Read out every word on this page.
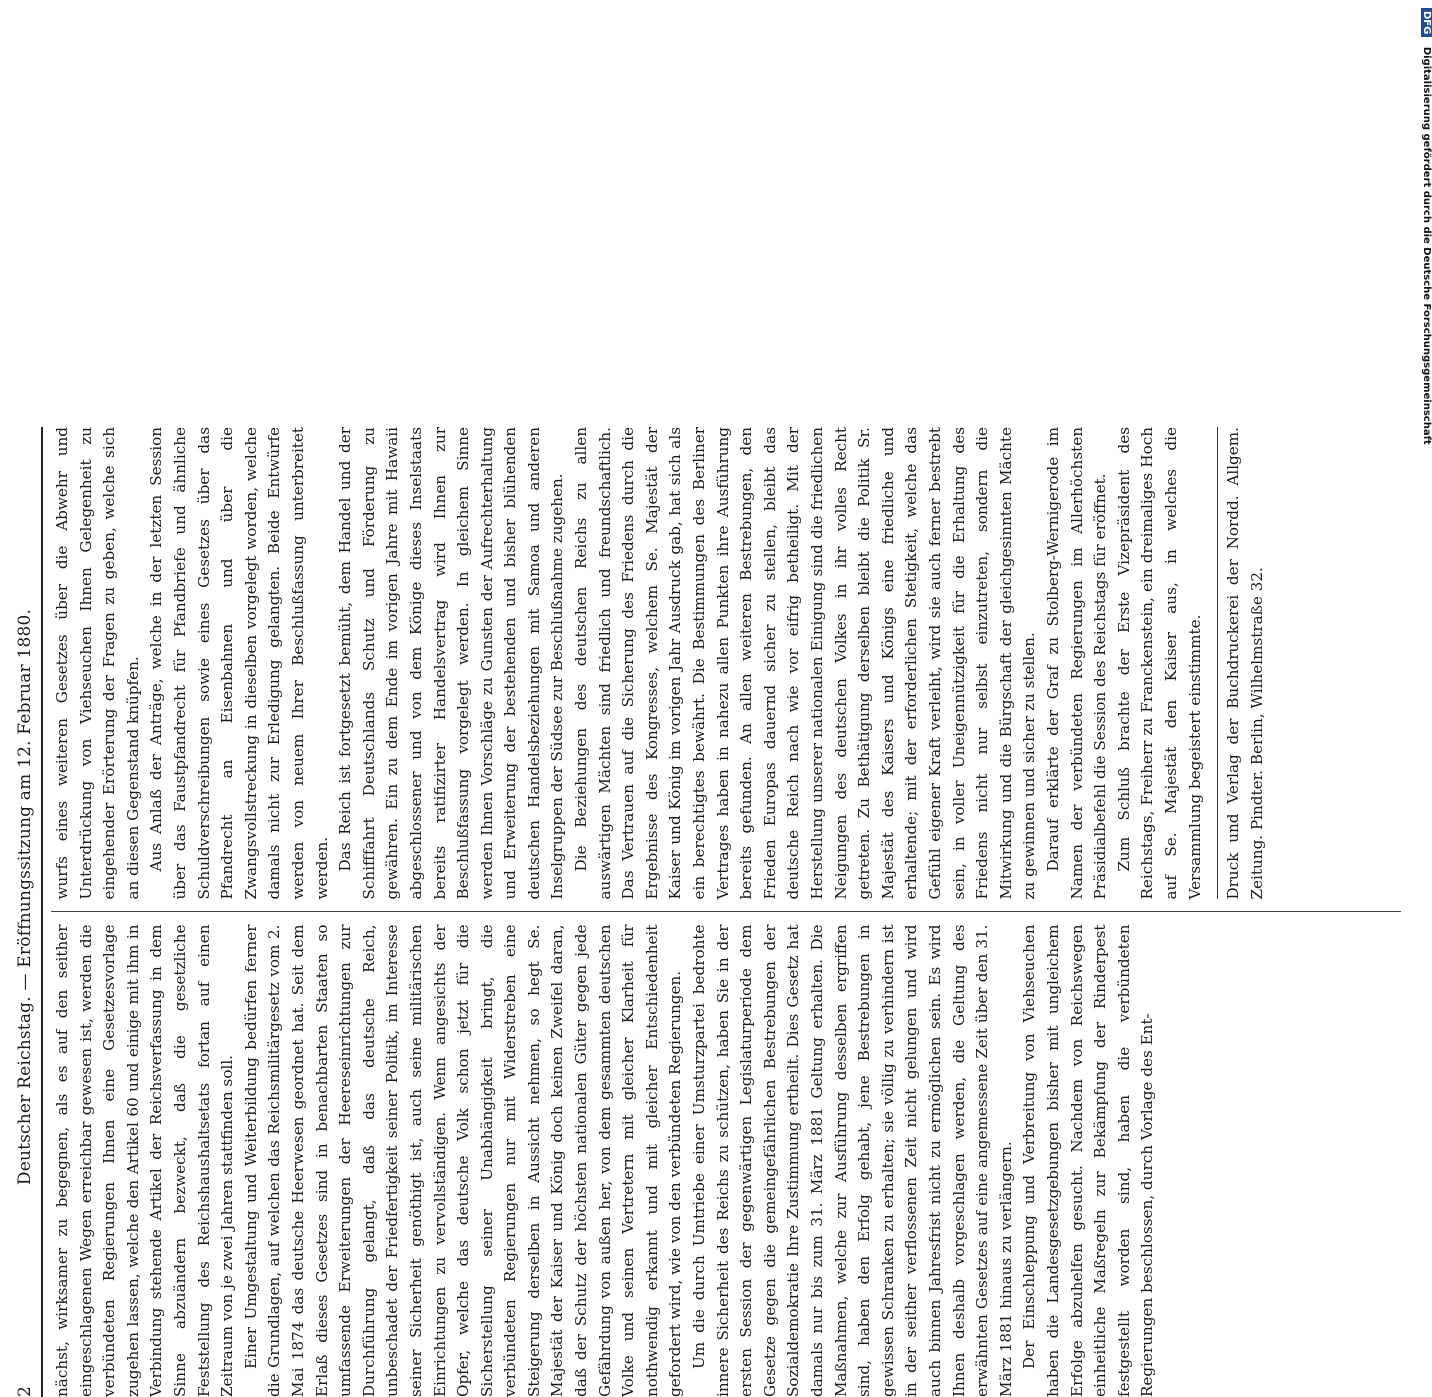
2
Deutscher Reichstag. — Eröffnungssitzung am 12. Februar 1880. nächst, wirksamer zu begegnen, als es auf den seither eingeschlagenen Wegen erreichbar gewesen ist, werden die verbündeten Regierungen Ihnen eine Gesetzesvorlage zugehen lassen, welche den Artikel 60 und einige mit ihm in Verbindung stehende Artikel der Reichsverfassung in dem Sinne abzuändern bezweckt, daß die gesetzliche Feststellung des Reichshaushaltsetats fortan auf einen Zeitraum von je zwei Jahren stattfinden soll. Einer Umgestaltung und Weiterbildung bedürfen ferner die Grundlagen, auf welchen das Reichsmilitärgesetz vom 2. Mai 1874 das deutsche Heerwesen geordnet hat. Seit dem Erlaß dieses Gesetzes sind in benachbarten Staaten so umfassende Erweiterungen der Heereseinrichtungen zur Durchführung gelangt, daß das deutsche Reich, unbeschadet der Friedfertigkeit seiner Politik, im Interesse seiner Sicherheit genöthigt ist, auch seine militärischen Einrichtungen zu vervollständigen. Wenn angesichts der Opfer, welche das deutsche Volk schon jetzt für die Sicherstellung seiner Unabhängigkeit bringt, die verbündeten Regierungen nur mit Widerstreben eine Steigerung derselben in Aussicht nehmen, so hegt Se. Majestät der Kaiser und König doch keinen Zweifel daran, daß der Schutz der höchsten nationalen Güter gegen jede Gefährdung von außen her, von dem gesammten deutschen Volke und seinen Vertretern mit gleicher Klarheit für nothwendig erkannt und mit gleicher Entschiedenheit gefordert wird, wie von den verbündeten Regierungen. Um die durch Umtriebe einer Umsturzpartei bedrohte innere Sicherheit des Reichs zu schützen, haben Sie in der ersten Session der gegenwärtigen Legislaturperiode dem Gesetze gegen die gemeingefährlichen Bestrebungen der Sozialdemokratie Ihre Zustimmung ertheilt. Dies Gesetz hat damals nur bis zum 31. März 1881 Geltung erhalten. Die Maßnahmen, welche zur Ausführung desselben ergriffen sind, haben den Erfolg gehabt, jene Bestrebungen in gewissen Schranken zu erhalten; sie völlig zu verhindern ist in der seither verflossenen Zeit nicht gelungen und wird auch binnen Jahresfrist nicht zu ermöglichen sein. Es wird Ihnen deshalb vorgeschlagen werden, die Geltung des erwähnten Gesetzes auf eine angemessene Zeit über den 31. März 1881 hinaus zu verlängern. Der Einschleppung und Verbreitung von Viehseuchen haben die Landesgesetzgebungen bisher mit ungleichem Erfolge abzuhelfen gesucht. Nachdem von Reichswegen einheitliche Maßregeln zur Bekämpfung der Rinderpest festgestellt worden sind, haben die verbündeten Regierungen beschlossen, durch Vorlage des Ent-

wurfs eines weiteren Gesetzes über die Abwehr und Unterdrückung von Viehseuchen Ihnen Gelegenheit zu eingehender Erörterung der Fragen zu geben, welche sich an diesen Gegenstand knüpfen. Aus Anlaß der Anträge, welche in der letzten Session über das Faustpfandrecht für Pfandbriefe und ähnliche Schuldverschreibungen sowie eines Gesetzes über das Pfandrecht an Eisenbahnen und über die Zwangsvollstreckung in dieselben vorgelegt worden, welche damals nicht zur Erledigung gelangten. Beide Entwürfe werden von neuem Ihrer Beschlußfassung unterbreitet werden. Das Reich ist fortgesetzt bemüht, dem Handel und der Schifffahrt Deutschlands Schutz und Förderung zu gewähren. Ein zu dem Ende im vorigen Jahre mit Hawaii abgeschlossener und von dem Könige dieses Inselstaats bereits ratifizirter Handelsvertrag wird Ihnen zur Beschlußfassung vorgelegt werden. In gleichem Sinne werden Ihnen Vorschläge zu Gunsten der Aufrechterhaltung und Erweiterung der bestehenden und bisher blühenden deutschen Handelsbeziehungen mit Samoa und anderen Inselgruppen der Südsee zur Beschlußnahme zugehen. Die Beziehungen des deutschen Reichs zu allen auswärtigen Mächten sind friedlich und freundschaftlich. Das Vertrauen auf die Sicherung des Friedens durch die Ergebnisse des Kongresses, welchem Se. Majestät der Kaiser und König im vorigen Jahr Ausdruck gab, hat sich als ein berechtigtes bewährt. Die Bestimmungen des Berliner Vertrages haben in nahezu allen Punkten ihre Ausführung bereits gefunden. An allen weiteren Bestrebungen, den Frieden Europas dauernd sicher zu stellen, bleibt das deutsche Reich nach wie vor eifrig betheiligt. Mit der Herstellung unserer nationalen Einigung sind die friedlichen Neigungen des deutschen Volkes in ihr volles Recht getreten. Zu Bethätigung derselben bleibt die Politik Sr. Majestät des Kaisers und Königs eine friedliche und erhaltende; mit der erforderlichen Stetigkeit, welche das Gefühl eigener Kraft verleiht, wird sie auch ferner bestrebt sein, in voller Uneigennützigkeit für die Erhaltung des Friedens nicht nur selbst einzutreten, sondern die Mitwirkung und die Bürgschaft der gleichgesinnten Mächte zu gewinnen und sicher zu stellen. Darauf erklärte der Graf zu Stolberg-Wernigerode im Namen der verbündeten Regierungen im Allerhöchsten Präsidialbefehl die Session des Reichstags für eröffnet. Zum Schluß brachte der Erste Vizepräsident des Reichstags, Freiherr zu Franckenstein, ein dreimaliges Hoch auf Se. Majestät den Kaiser aus, in welches die Versammlung begeistert einstimmte.	Druck und Verlag der Buchdruckerei der Nordd. Allgem. Zeitung. Pindter. Berlin, Wilhelmstraße 32.
DFG Digitalisierung gefördert durch die Deutsche Forschungsgemeinschaft
